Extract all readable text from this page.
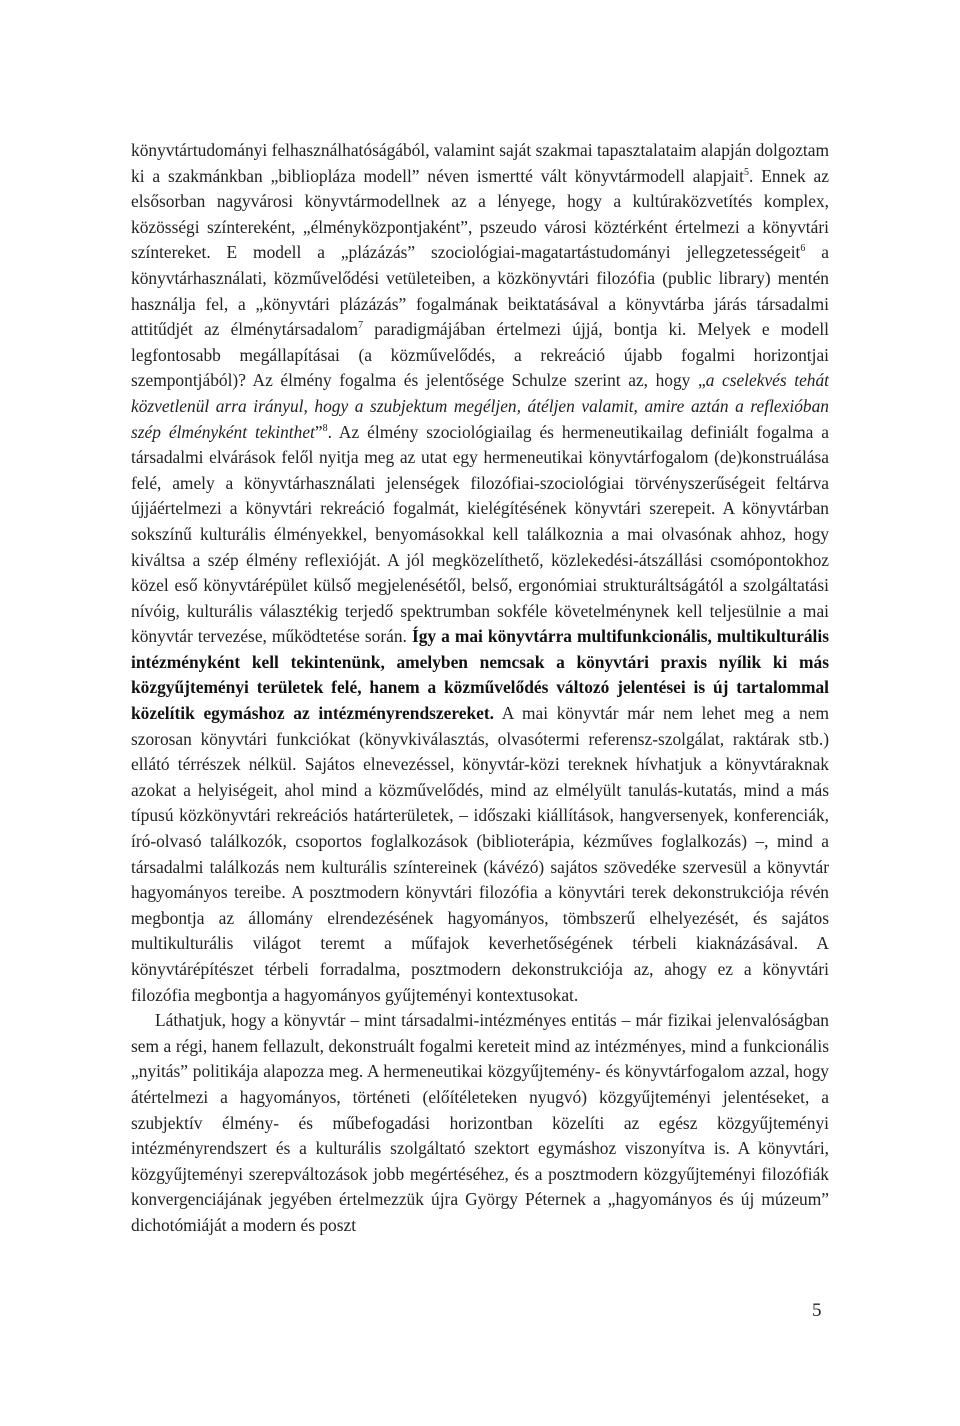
könyvtártudományi felhasználhatóságából, valamint saját szakmai tapasztalataim alapján dolgoztam ki a szakmánkban „bibliopláza modell” néven ismertté vált könyvtármodell alapjait$^5$. Ennek az elsősorban nagyvárosi könyvtármodellnek az a lényege, hogy a kultúraközvetítés komplex, közösségi színtereként, „élményközpontjaként”, pszeudo városi köztérként értelmezi a könyvtári színtereket. E modell a „plázázás” szociológiai-magatartástudományi jellegzetességeit$^6$ a könyvtárhasználati, közművelődési vetületeiben, a közkönyvtári filozófia (public library) mentén használja fel, a „könyvtári plázázás” fogalmának beiktatásával a könyvtárba járás társadalmi attitűdjét az élménytársadalom$^7$ paradigmájában értelmezi újjá, bontja ki. Melyek e modell legfontosabb megállapításai (a közművelődés, a rekreáció újabb fogalmi horizontjai szempontjából)? Az élmény fogalma és jelentősége Schulze szerint az, hogy „a cselekvés tehát közvetlenül arra irányul, hogy a szubjektum megéljen, átéljen valamit, amire aztán a reflexióban szép élményként tekinthet”$^8$. Az élmény szociológiailag és hermeneutikailag definiált fogalma a társadalmi elvárások felől nyitja meg az utat egy hermeneutikai könyvtárfogalom (de)konstruálása felé, amely a könyvtárhasználati jelenségek filozófiai-szociológiai törvényszerűségeit feltárva újjáértelmezi a könyvtári rekreáció fogalmát, kielégítésének könyvtári szerepeit. A könyvtárban sokszínű kulturális élményekkel, benyomásokkal kell találkoznia a mai olvasónak ahhoz, hogy kiváltsa a szép élmény reflexióját. A jól megközelíthető, közlekedési-átszállási csomópontokhoz közel eső könyvtárépület külső megjelenésétől, belső, ergonómiai strukturáltságától a szolgáltatási nívóig, kulturális választékig terjedő spektrumban sokféle követelménynek kell teljesülnie a mai könyvtár tervezése, működtetése során. Így a mai könyvtárra multifunkcionális, multikulturális intézményként kell tekintenünk, amelyben nemcsak a könyvtári praxis nyílik ki más közgyűjteményi területek felé, hanem a közművelődés változó jelentései is új tartalommal közelítik egymáshoz az intézményrendszereket. A mai könyvtár már nem lehet meg a nem szorosan könyvtári funkciókat (könyvkiválasztás, olvasótermi referensz-szolgálat, raktárak stb.) ellátó térrészek nélkül. Sajátos elnevezéssel, könyvtár-közi tereknek hívhatjuk a könyvtáraknak azokat a helyiségeit, ahol mind a közművelődés, mind az elmélyült tanulás-kutatás, mind a más típusú közkönyvtári rekreációs határterületek, – időszaki kiállítások, hangversenyek, konferenciák, író-olvasó találkozók, csoportos foglalkozások (biblioterápia, kézműves foglalkozás) –, mind a társadalmi találkozás nem kulturális színtereinek (kávézó) sajátos szövedéke szervesül a könyvtár hagyományos tereibe. A posztmodern könyvtári filozófia a könyvtári terek dekonstrukciója révén megbontja az állomány elrendezésének hagyományos, tömbszerű elhelyezését, és sajátos multikulturális világot teremt a műfajok keverhetőségének térbeli kiaknázásával. A könyvtárépítészet térbeli forradalma, posztmodern dekonstrukciója az, ahogy ez a könyvtári filozófia megbontja a hagyományos gyűjteményi kontextusokat.

Láthatjuk, hogy a könyvtár – mint társadalmi-intézményes entitás – már fizikai jelenvalóságban sem a régi, hanem fellazult, dekonstruált fogalmi kereteit mind az intézményes, mind a funkcionális „nyitás” politikája alapozza meg. A hermeneutikai közgyűjtemény- és könyvtárfogalom azzal, hogy átértelmezi a hagyományos, történeti (előítéleteken nyugvó) közgyűjteményi jelentéseket, a szubjektív élmény- és műbefogadási horizontban közelíti az egész közgyűjteményi intézményrendszert és a kulturális szolgáltató szektort egymáshoz viszonyítva is. A könyvtári, közgyűjteményi szerepváltozások jobb megértéséhez, és a posztmodern közgyűjteményi filozófiák konvergenciájának jegyében értelmezzük újra György Péternek a „hagyományos és új múzeum” dichotómiáját a modern és poszt

5
